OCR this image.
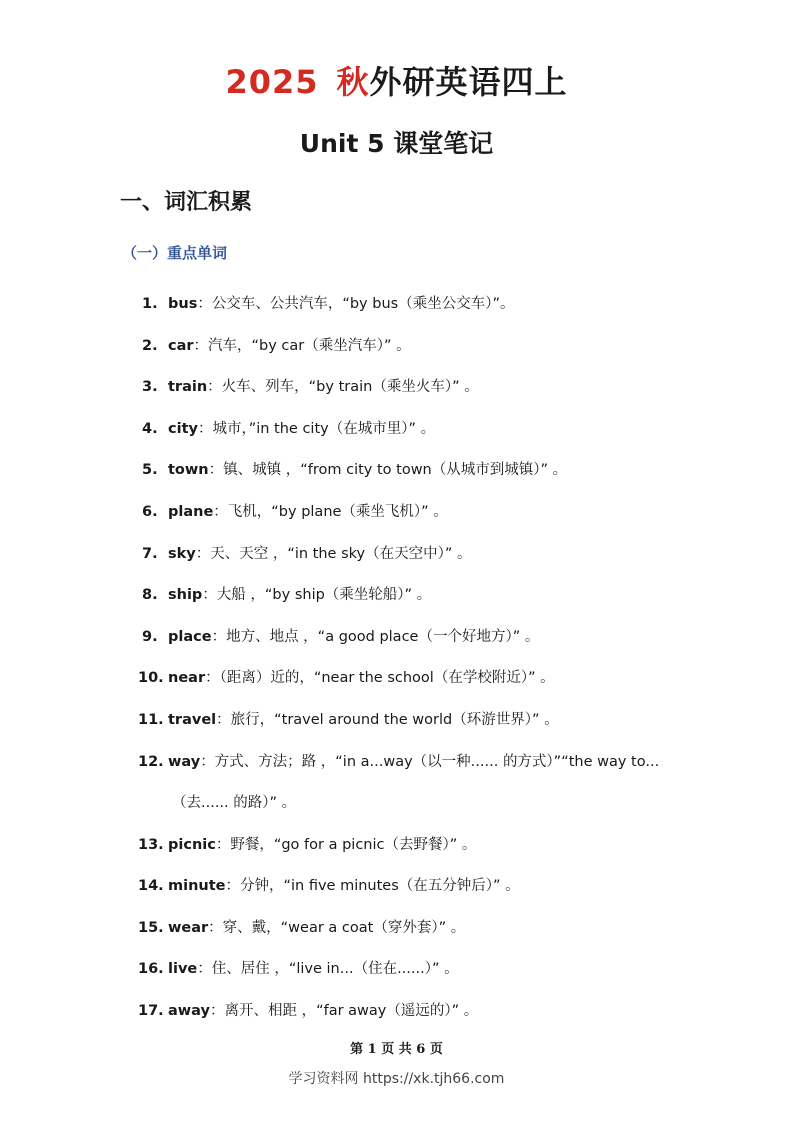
2025 秋外研英语四上
Unit 5 课堂笔记
一、词汇积累
（一）重点单词
1. bus：公交车、公共汽车，“by bus（乘坐公交车）”。
2. car：汽车，“by car（乘坐汽车）” 。
3. train：火车、列车，“by train（乘坐火车）” 。
4. city：城市，”in the city（在城市里）” 。
5. town：镇、城镇 ，“from city to town（从城市到城镇）” 。
6. plane：飞机，“by plane（乘坐飞机）” 。
7. sky：天、天空 ，“in the sky（在天空中）” 。
8. ship：大船 ，“by ship（乘坐轮船）” 。
9. place：地方、地点 ，“a good place（一个好地方）” 。
10. near：（距离）近的，“near the school（在学校附近）” 。
11. travel：旅行，“travel around the world（环游世界）” 。
12. way：方式、方法；路 ，“in a...way（以一种...... 的方式）”“the way to...
（去...... 的路）” 。
13. picnic：野餐，“go for a picnic（去野餐）” 。
14. minute：分钟，“in five minutes（在五分钟后）” 。
15. wear：穿、戴，“wear a coat（穿外套）” 。
16. live：住、居住 ，“live in...（住在......）” 。
17. away：离开、相距 ，“far away（遥远的）” 。
第 1 页 共 6 页
学习资料网 https://xk.tjh66.com
